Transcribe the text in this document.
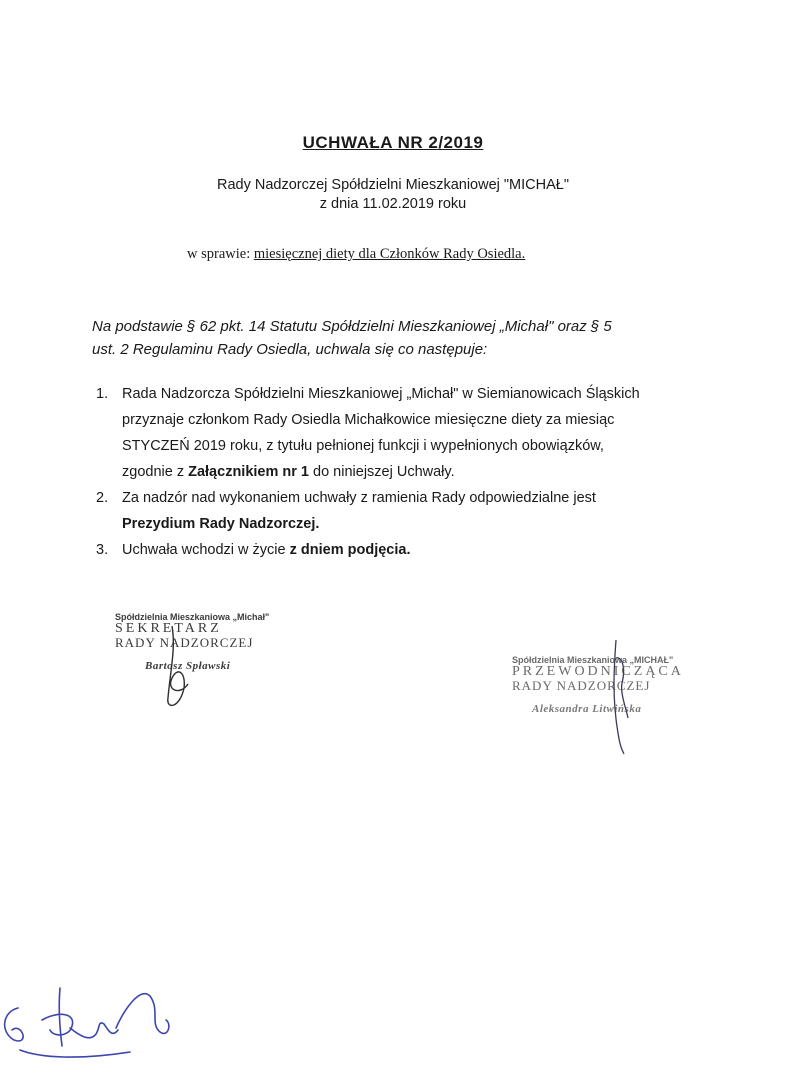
UCHWAŁA NR 2/2019
Rady Nadzorczej Spółdzielni Mieszkaniowej "MICHAŁ"
z dnia 11.02.2019 roku
w sprawie: miesięcznej diety dla Członków Rady Osiedla.
Na podstawie § 62 pkt. 14 Statutu Spółdzielni Mieszkaniowej „Michał" oraz § 5
ust. 2 Regulaminu Rady Osiedla, uchwala się co następuje:
1. Rada Nadzorcza Spółdzielni Mieszkaniowej „Michał" w Siemianowicach Śląskich
przyznaje członkom Rady Osiedla Michałkowice miesięczne diety za miesiąc
STYCZEŃ 2019 roku, z tytułu pełnionej funkcji i wypełnionych obowiązków,
zgodnie z Załącznikiem nr 1 do niniejszej Uchwały.
2. Za nadzór nad wykonaniem uchwały z ramienia Rady odpowiedzialne jest
Prezydium Rady Nadzorczej.
3. Uchwała wchodzi w życie z dniem podjęcia.
Spółdzielnia Mieszkaniowa „Michał"
SEKRETARZ
RADY NADZORCZEJ
Bartosz Spławski	Spółdzielnia Mieszkaniowa „MICHAŁ"
PRZEWODNICZĄCA
RADY NADZORCZEJ
Aleksandra Litwińska
